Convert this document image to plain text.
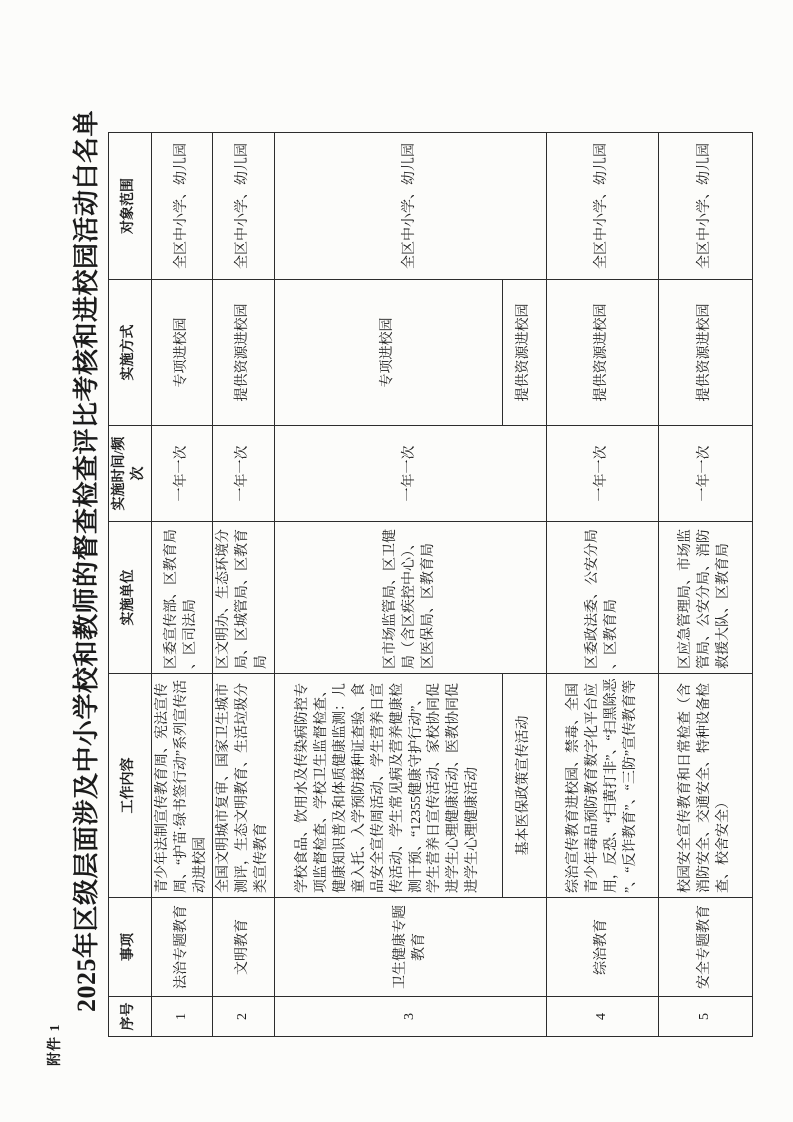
附件 1
2025年区级层面涉及中小学校和教师的督查检查评比考核和进校园活动白名单
序号	事项	工作内容	实施单位	实施时间/频次	实施方式	对象范围
1	法治专题教育	青少年法制宣传教育周、宪法宣传周、“护苗·绿书签行动”系列宣传活动进校园	区委宣传部、区教育局、区司法局	一年一次	专项进校园	全区中小学、幼儿园
2	文明教育	全国文明城市复审、国家卫生城市测评，生态文明教育、生活垃圾分类宣传教育	区文明办、生态环境分局、区城管局、区教育局	一年一次	提供资源进校园	全区中小学、幼儿园
3	卫生健康专题教育	学校食品、饮用水及传染病防控专项监督检查、学校卫生监督检查、健康知识普及和体质健康监测：儿童入托、入学预防接种证查验、食品安全宣传周活动、学生营养日宣传活动、学生常见病及营养健康检测干预、“12355健康守护行动”、学生营养日宣传活动、家校协同促进学生心理健康活动、医教协同促进学生心理健康活动	区市场监管局、区卫健局（含区疾控中心）、区医保局、区教育局	一年一次	专项进校园	全区中小学、幼儿园
		基本医保政策宣传活动			提供资源进校园	
4	综治教育	综治宣传教育进校园、禁毒、全国青少年毒品预防教育数字化平台应用，反恐、“扫黄打非”、“扫黑除恶”、“反诈教育”、“三防”宣传教育等	区委政法委、公安分局、区教育局	一年一次	提供资源进校园	全区中小学、幼儿园
5	安全专题教育	校园安全宣传教育和日常检查（含消防安全、交通安全、特种设备检查、校舍安全）	区应急管理局、市场监管局、公安分局、消防救援大队、区教育局	一年一次	提供资源进校园	全区中小学、幼儿园
